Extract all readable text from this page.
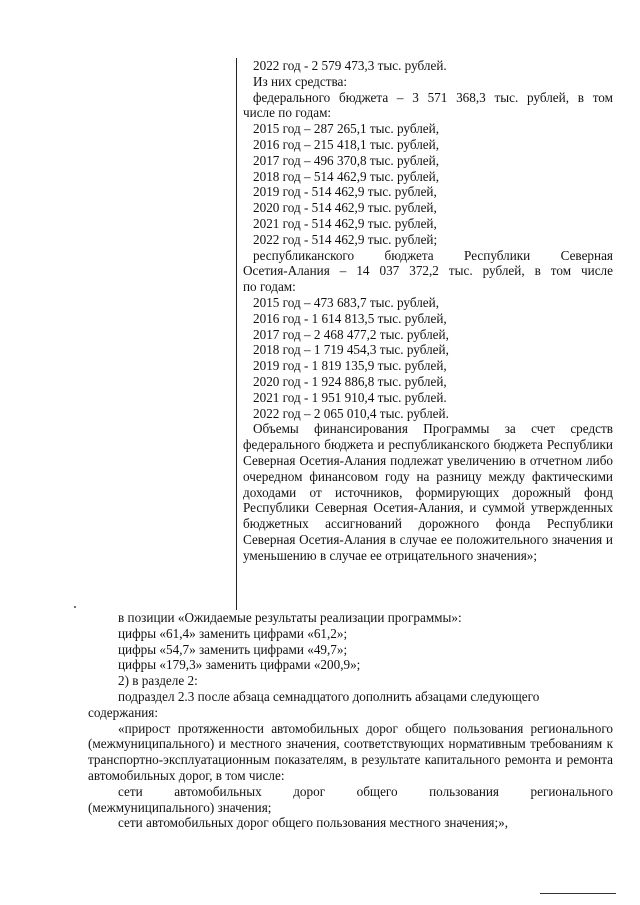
2022 год - 2 579 473,3 тыс. рублей.

Из них средства:

федерального бюджета – 3 571 368,3 тыс. рублей, в том

числе по годам:

2015 год – 287 265,1 тыс. рублей,

2016 год – 215 418,1 тыс. рублей,

2017 год – 496 370,8 тыс. рублей,

2018 год – 514 462,9 тыс. рублей,

2019 год - 514 462,9 тыс. рублей,

2020 год - 514 462,9 тыс. рублей,

2021 год - 514 462,9 тыс. рублей,

2022 год - 514 462,9 тыс. рублей;

республиканского бюджета Республики Северная

Осетия-Алания – 14 037 372,2 тыс. рублей, в том числе

по годам:

2015 год – 473 683,7 тыс. рублей,

2016 год - 1 614 813,5 тыс. рублей,

2017 год – 2 468 477,2 тыс. рублей,

2018 год – 1 719 454,3 тыс. рублей,

2019 год - 1 819 135,9 тыс. рублей,

2020 год - 1 924 886,8 тыс. рублей,

2021 год - 1 951 910,4 тыс. рублей.

2022 год – 2 065 010,4 тыс. рублей.

Объемы финансирования Программы за счет средств федерального бюджета и республиканского бюджета Республики Северная Осетия-Алания подлежат увеличению в отчетном либо очередном финансовом году на разницу между фактическими доходами от источников, формирующих дорожный фонд Республики Северная Осетия-Алания, и суммой утвержденных бюджетных ассигнований дорожного фонда Республики Северная Осетия-Алания в случае ее положительного значения и уменьшению в случае ее отрицательного значения»;

в позиции «Ожидаемые результаты реализации программы»:

цифры «61,4» заменить цифрами «61,2»;

цифры «54,7» заменить цифрами «49,7»;

цифры «179,3» заменить цифрами «200,9»;

2) в разделе 2:

подраздел 2.3 после абзаца семнадцатого дополнить абзацами следующего

содержания:

«прирост протяженности автомобильных дорог общего пользования регионального (межмуниципального) и местного значения, соответствующих нормативным требованиям к транспортно-эксплуатационным показателям, в результате капитального ремонта и ремонта автомобильных дорог, в том числе:

сети автомобильных дорог общего пользования регионального

(межмуниципального) значения;

сети автомобильных дорог общего пользования местного значения;»,
